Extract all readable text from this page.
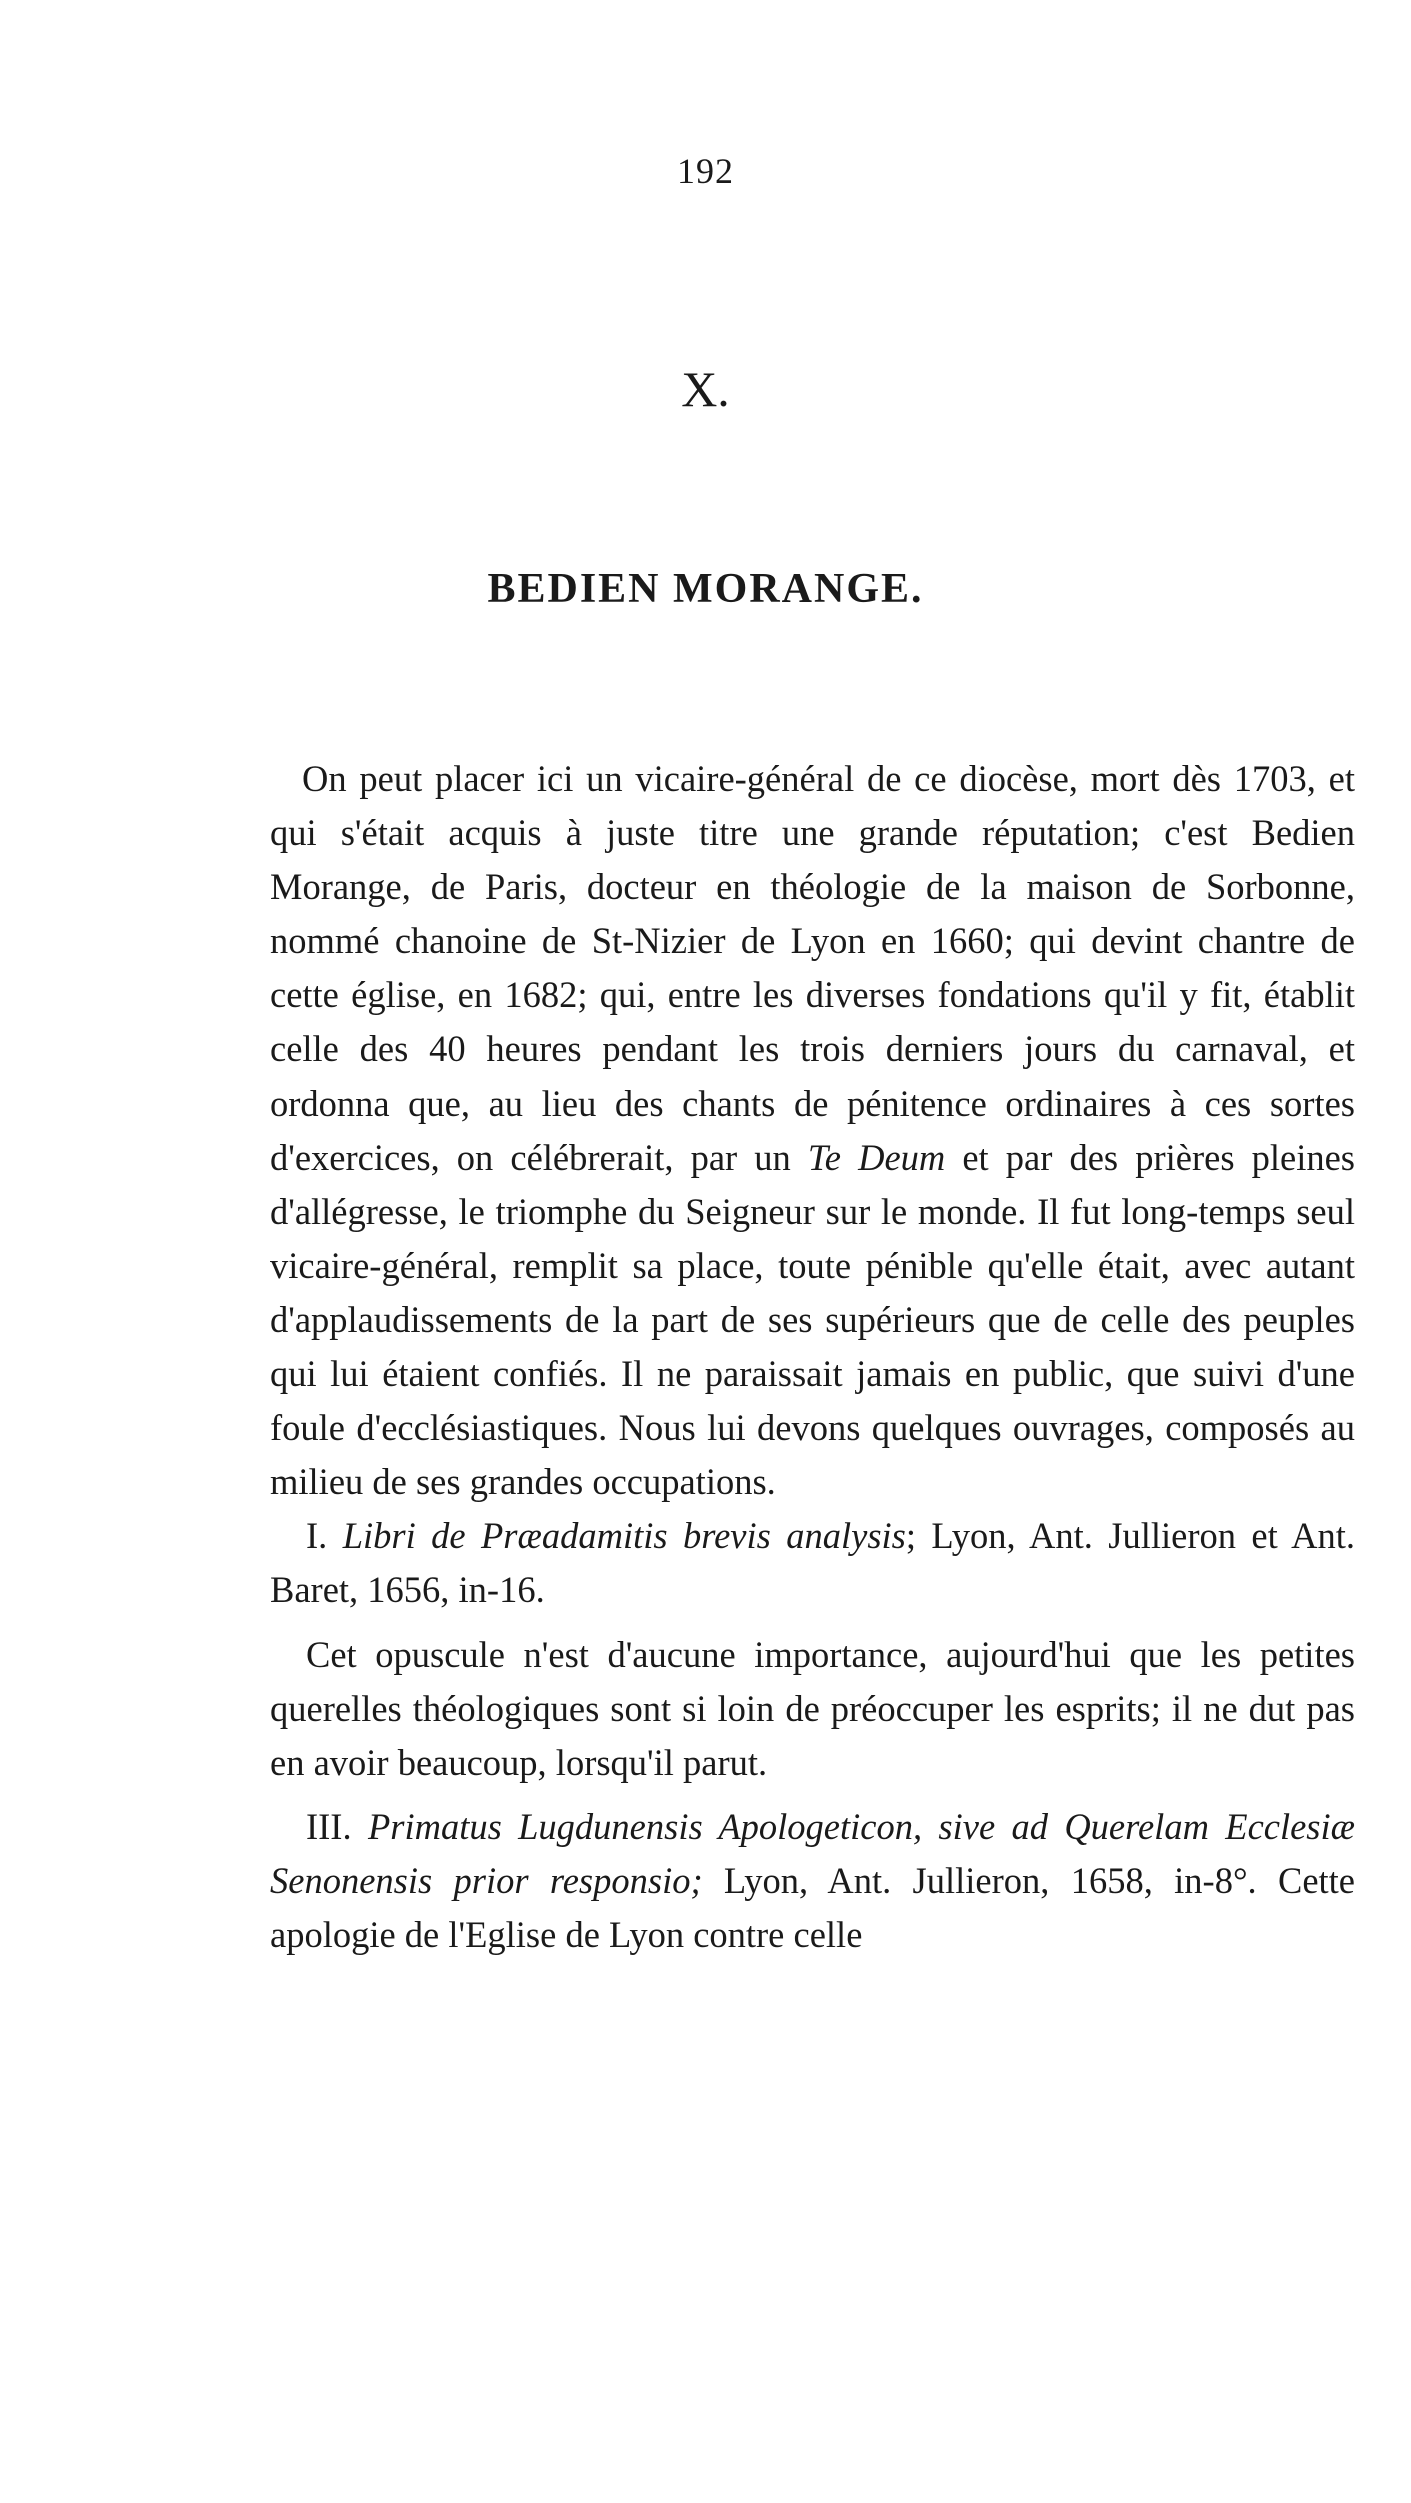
192
X.
BEDIEN MORANGE.

On peut placer ici un vicaire-général de ce diocèse, mort dès 1703, et qui s'était acquis à juste titre une grande réputation; c'est Bedien Morange, de Paris, docteur en théologie de la maison de Sorbonne, nommé chanoine de St-Nizier de Lyon en 1660; qui devint chantre de cette église, en 1682; qui, entre les diverses fondations qu'il y fit, établit celle des 40 heures pendant les trois derniers jours du carnaval, et ordonna que, au lieu des chants de pénitence ordinaires à ces sortes d'exercices, on célébrerait, par un Te Deum et par des prières pleines d'allégresse, le triomphe du Seigneur sur le monde. Il fut long-temps seul vicaire-général, remplit sa place, toute pénible qu'elle était, avec autant d'applaudissements de la part de ses supérieurs que de celle des peuples qui lui étaient confiés. Il ne paraissait jamais en public, que suivi d'une foule d'ecclésiastiques. Nous lui devons quelques ouvrages, composés au milieu de ses grandes occupations.

I. Libri de Præadamitis brevis analysis; Lyon, Ant. Jullieron et Ant. Baret, 1656, in-16.

Cet opuscule n'est d'aucune importance, aujourd'hui que les petites querelles théologiques sont si loin de préoccuper les esprits; il ne dut pas en avoir beaucoup, lorsqu'il parut.

III. Primatus Lugdunensis Apologeticon, sive ad Querelam Ecclesiæ Senonensis prior responsio; Lyon, Ant. Jullieron, 1658, in-8°. Cette apologie de l'Eglise de Lyon contre celle
